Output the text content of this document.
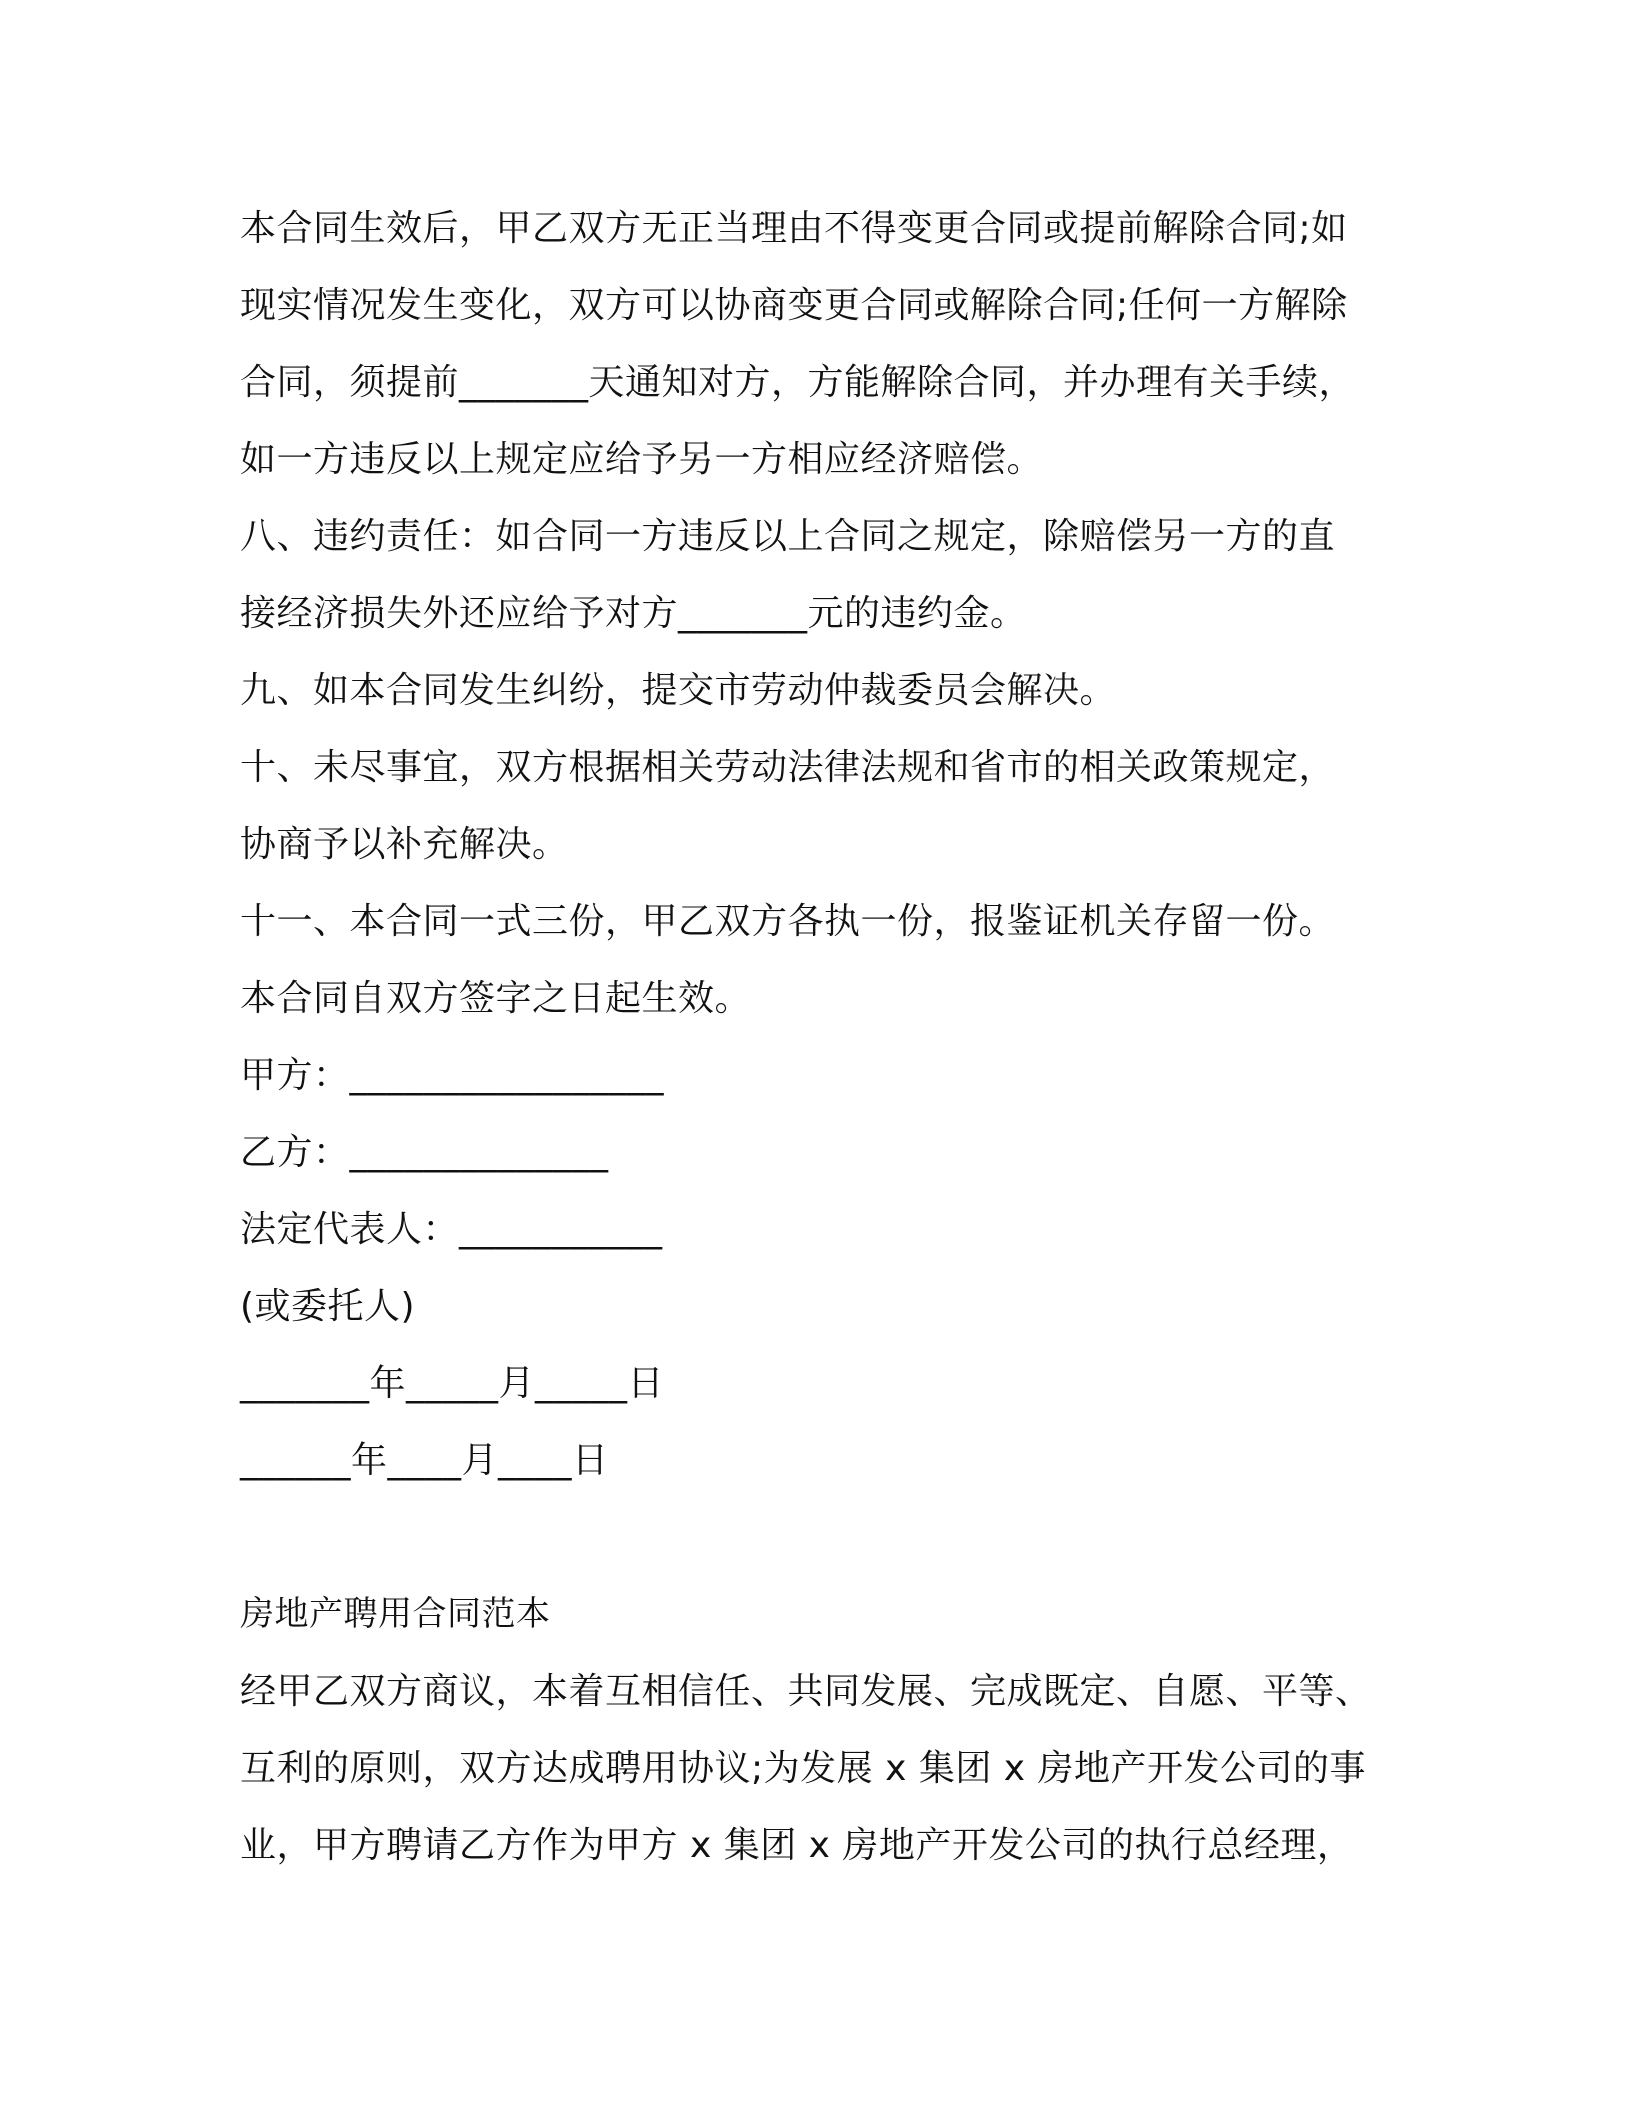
本合同生效后，甲乙双方无正当理由不得变更合同或提前解除合同;如
现实情况发生变化，双方可以协商变更合同或解除合同;任何一方解除
合同，须提前_______天通知对方，方能解除合同，并办理有关手续，
如一方违反以上规定应给予另一方相应经济赔偿。
八、违约责任：如合同一方违反以上合同之规定，除赔偿另一方的直
接经济损失外还应给予对方_______元的违约金。
九、如本合同发生纠纷，提交市劳动仲裁委员会解决。
十、未尽事宜，双方根据相关劳动法律法规和省市的相关政策规定，
协商予以补充解决。
十一、本合同一式三份，甲乙双方各执一份，报鉴证机关存留一份。
本合同自双方签字之日起生效。
甲方：_________________
乙方：______________
法定代表人：___________
(或委托人)
_______年_____月_____日
______年____月____日
房地产聘用合同范本
经甲乙双方商议，本着互相信任、共同发展、完成既定、自愿、平等、
互利的原则，双方达成聘用协议;为发展 x 集团 x 房地产开发公司的事
业，甲方聘请乙方作为甲方 x 集团 x 房地产开发公司的执行总经理，
